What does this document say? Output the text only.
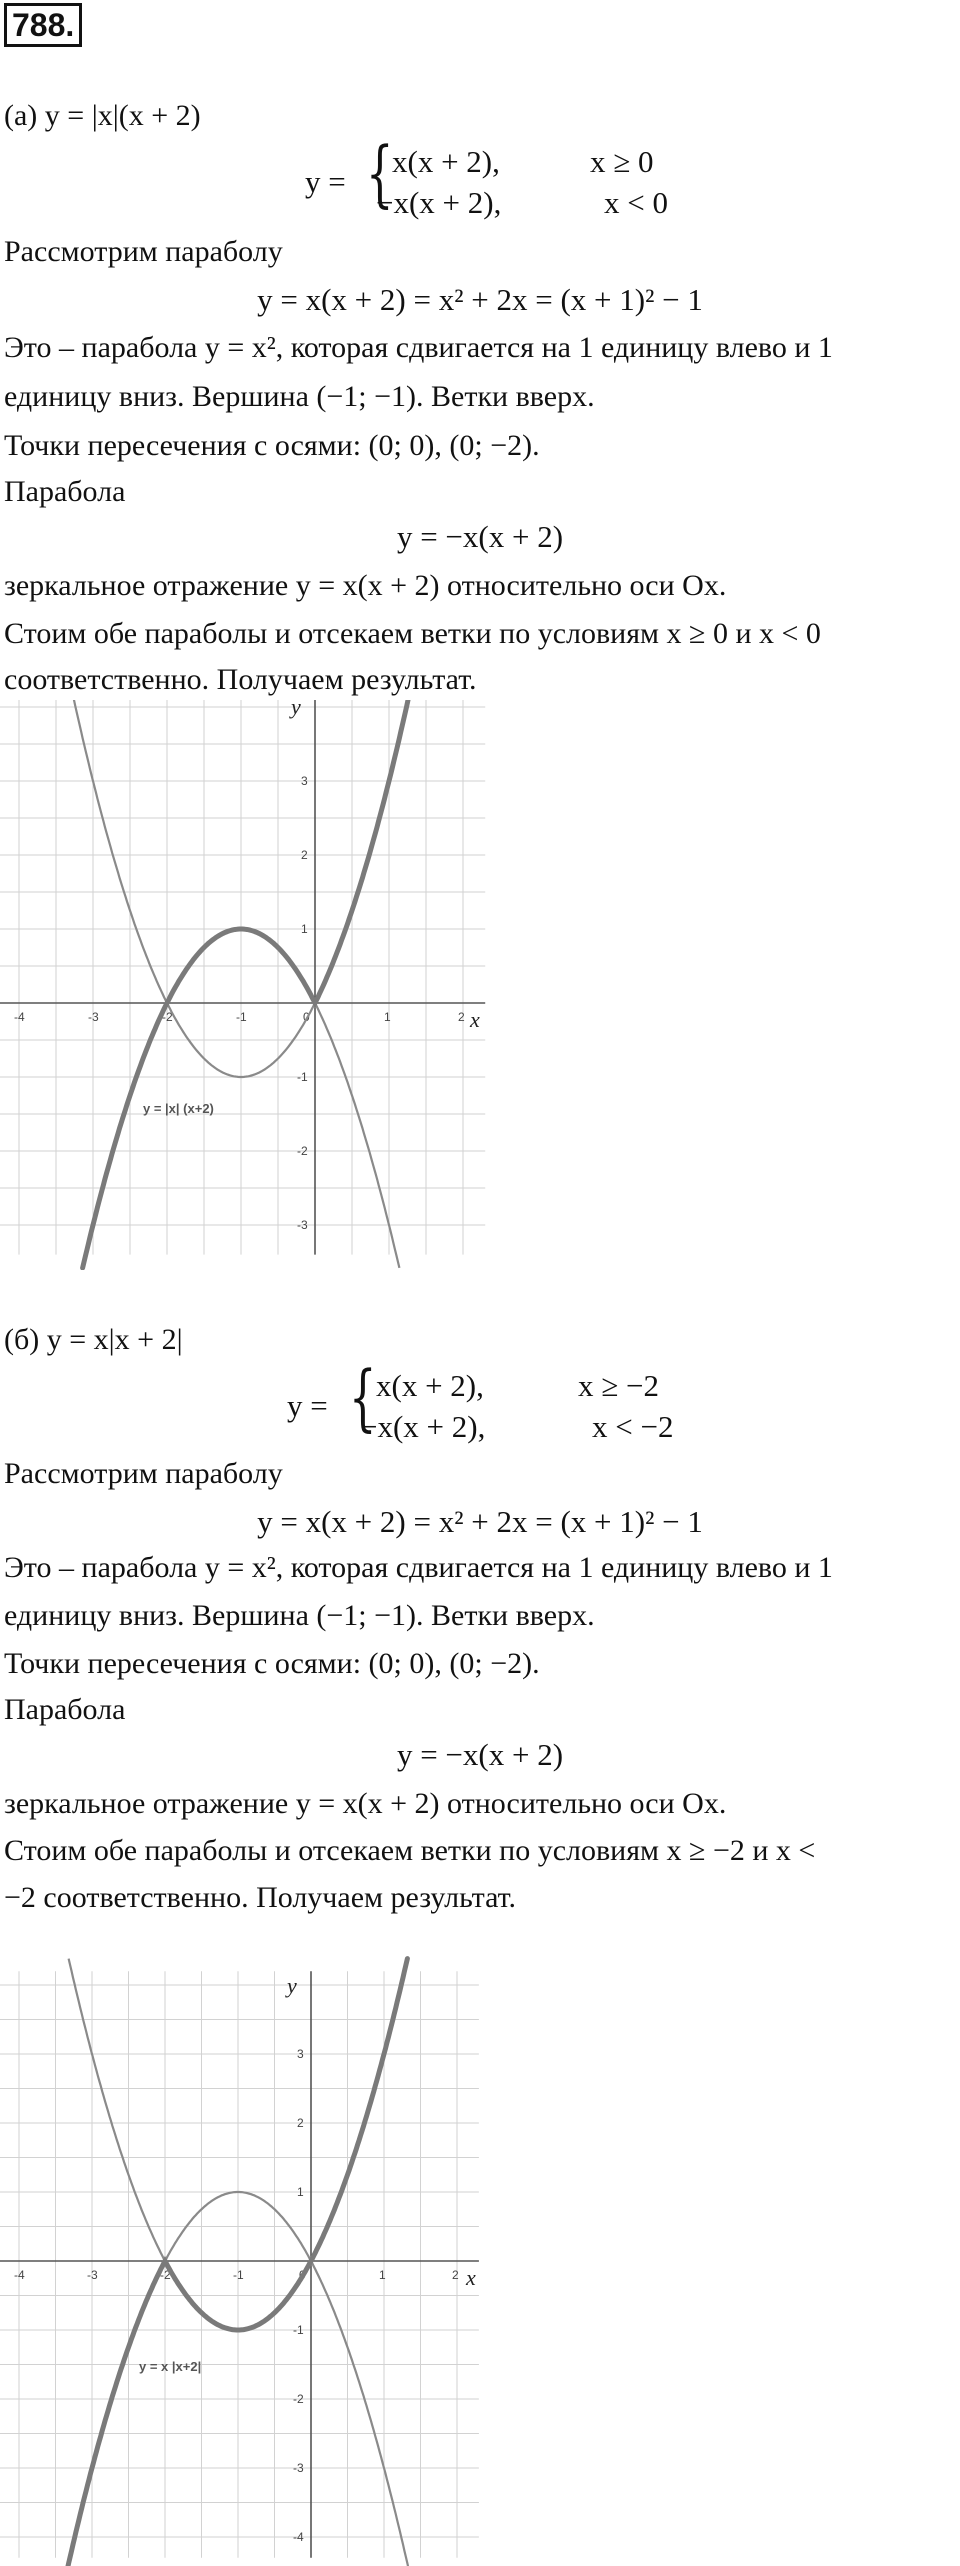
788.
(а) y = |x|(x + 2)
y = {
x(x + 2),	x ≥ 0
−x(x + 2),	x < 0
Рассмотрим параболу
y = x(x + 2) = x² + 2x = (x + 1)² − 1
Это – парабола y = x², которая сдвигается на 1 единицу влево и 1
единицу вниз. Вершина (−1; −1). Ветки вверх.
Точки пересечения с осями: (0; 0), (0; −2).
Парабола
y = −x(x + 2)
зеркальное отражение y = x(x + 2) относительно оси Ox.
Стоим обе параболы и отсекаем ветки по условиям x ≥ 0 и x < 0
соответственно. Получаем результат.
-4	-3	-2	-1	0	1	2
-3
-2
-1
1
2
3
x
y
y = |x| (x+2)
(б) y = x|x + 2|
y = { x(x + 2),	x ≥ −2
−x(x + 2),	x < −2
Рассмотрим параболу
y = x(x + 2) = x² + 2x = (x + 1)² − 1
Это – парабола y = x², которая сдвигается на 1 единицу влево и 1
единицу вниз. Вершина (−1; −1). Ветки вверх.
Точки пересечения с осями: (0; 0), (0; −2).
Парабола
y = −x(x + 2)
зеркальное отражение y = x(x + 2) относительно оси Ox.
Стоим обе параболы и отсекаем ветки по условиям x ≥ −2 и x <
−2 соответственно. Получаем результат.
-4	-3	-2	-1	0	1	2
-4
-3
-2
-1
1
2
3
x
y
y = x |x+2|
